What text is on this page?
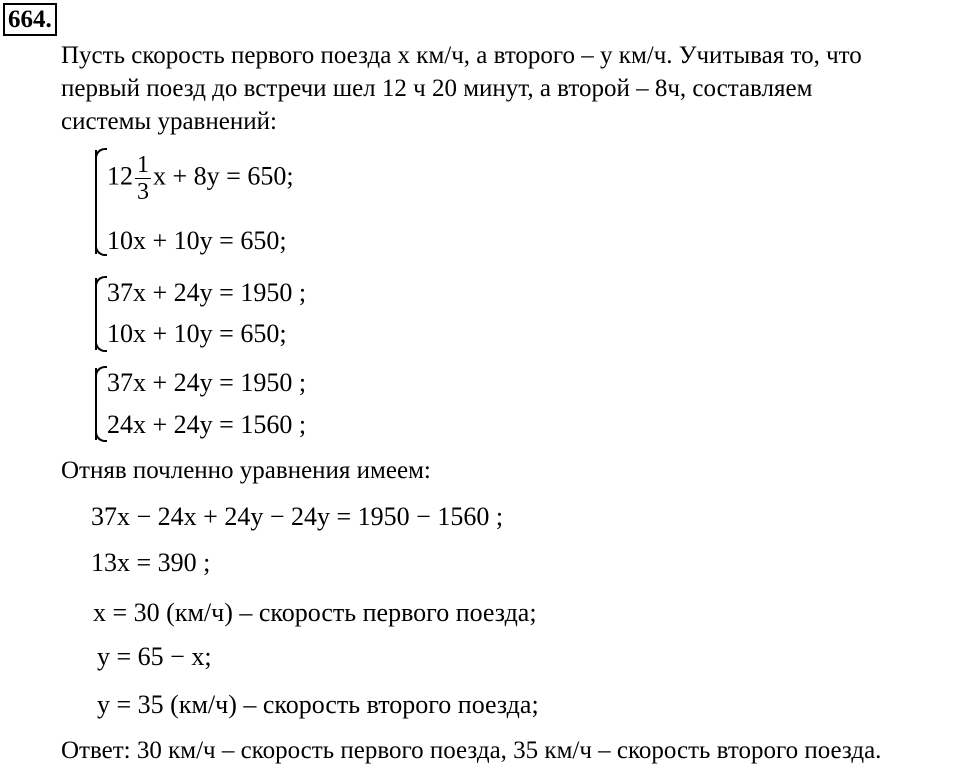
664.
Пусть скорость первого поезда x км/ч, а второго – y км/ч. Учитывая то, что
первый поезд до встречи шел 12 ч 20 минут, а второй – 8ч, составляем
системы уравнений:
$12 \frac{1}{3}$ x + 8y = 650;
10x + 10y = 650;
37x + 24y = 1950 ;
10x + 10y = 650;
37x + 24y = 1950 ;
24x + 24y = 1560 ;
Отняв почленно уравнения имеем:
37x − 24x + 24y − 24y = 1950 − 1560 ;
13x = 390 ;
x = 30 (км/ч) – скорость первого поезда;
y = 65 − x;
y = 35 (км/ч) – скорость второго поезда;
Ответ: 30 км/ч – скорость первого поезда, 35 км/ч – скорость второго поезда.
